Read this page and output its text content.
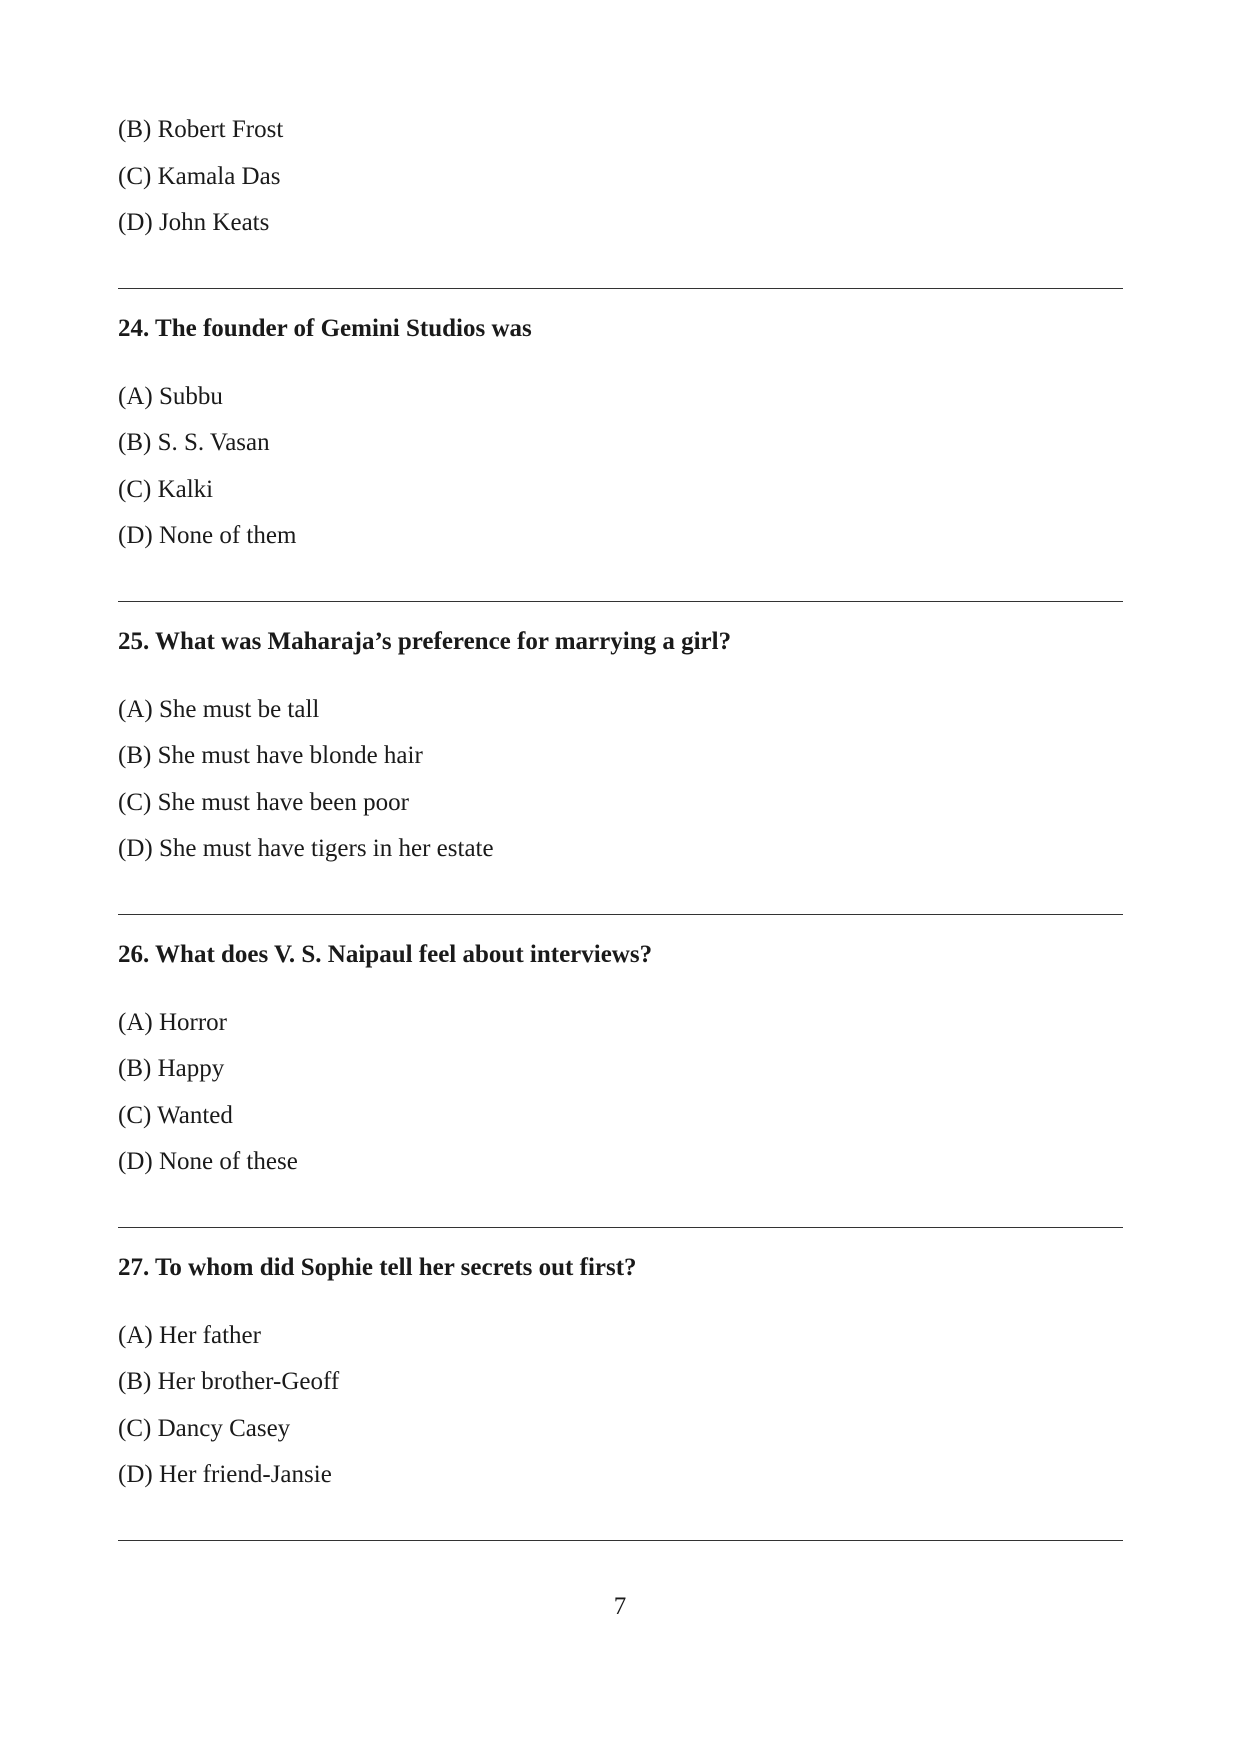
(B) Robert Frost
(C) Kamala Das
(D) John Keats
24. The founder of Gemini Studios was
(A) Subbu
(B) S. S. Vasan
(C) Kalki
(D) None of them
25. What was Maharaja’s preference for marrying a girl?
(A) She must be tall
(B) She must have blonde hair
(C) She must have been poor
(D) She must have tigers in her estate
26. What does V. S. Naipaul feel about interviews?
(A) Horror
(B) Happy
(C) Wanted
(D) None of these
27. To whom did Sophie tell her secrets out first?
(A) Her father
(B) Her brother-Geoff
(C) Dancy Casey
(D) Her friend-Jansie
7
